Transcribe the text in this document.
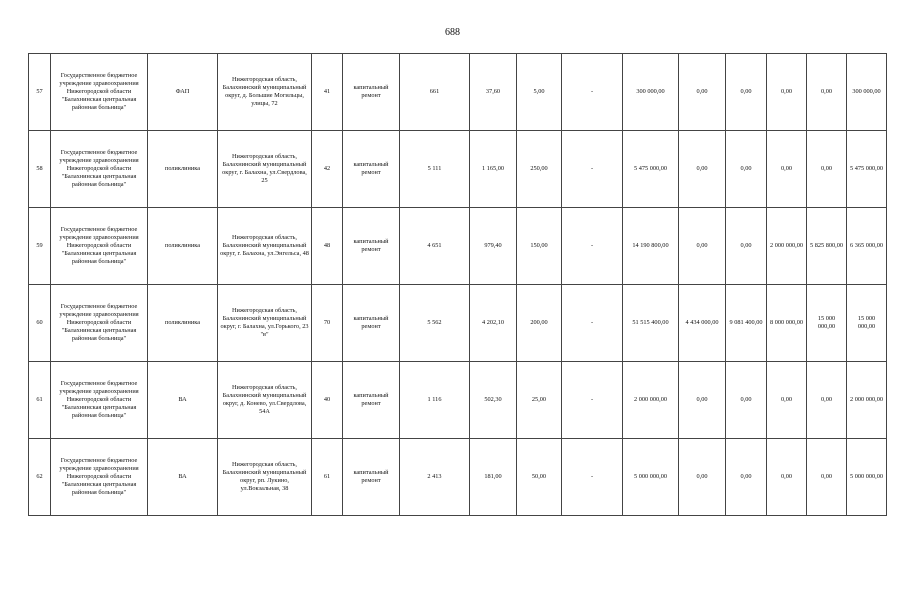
688
57	Государственное бюджетное учреждение здравоохранения Нижегородской области "Балахнинская центральная районная больница"	ФАП	Нижегородская область, Балахнинский муниципальный округ, д. Большие Могильцы, улицы, 72	41	капитальный ремонт	661	37,60	5,00	-	300 000,00	0,00	0,00	0,00	0,00	300 000,00
58	Государственное бюджетное учреждение здравоохранения Нижегородской области "Балахнинская центральная районная больница"	поликлиника	Нижегородская область, Балахнинский муниципальный округ, г. Балахна, ул.Свердлова, 25	42	капитальный ремонт	5 111	1 165,00	250,00	-	5 475 000,00	0,00	0,00	0,00	0,00	5 475 000,00
59	Государственное бюджетное учреждение здравоохранения Нижегородской области "Балахнинская центральная районная больница"	поликлиника	Нижегородская область, Балахнинский муниципальный округ, г. Балахна, ул.Энгельса, 48	48	капитальный ремонт	4 651	979,40	150,00	-	14 190 800,00	0,00	0,00	2 000 000,00	5 825 800,00	6 365 000,00
60	Государственное бюджетное учреждение здравоохранения Нижегородской области "Балахнинская центральная районная больница"	поликлиника	Нижегородская область, Балахнинский муниципальный округ, г. Балахна, ул.Горького, 23 "в"	70	капитальный ремонт	5 562	4 202,10	200,00	-	51 515 400,00	4 434 000,00	9 081 400,00	8 000 000,00	15 000 000,00	15 000 000,00
61	Государственное бюджетное учреждение здравоохранения Нижегородской области "Балахнинская центральная районная больница"	ВА	Нижегородская область, Балахнинский муниципальный округ, д. Конево, ул.Свердлова, 54А	40	капитальный ремонт	1 116	502,30	25,00	-	2 000 000,00	0,00	0,00	0,00	0,00	2 000 000,00
62	Государственное бюджетное учреждение здравоохранения Нижегородской области "Балахнинская центральная районная больница"	ВА	Нижегородская область, Балахнинский муниципальный округ, рп. Лукино, ул.Вокзальная, 38	61	капитальный ремонт	2 413	181,00	50,00	-	5 000 000,00	0,00	0,00	0,00	0,00	5 000 000,00
